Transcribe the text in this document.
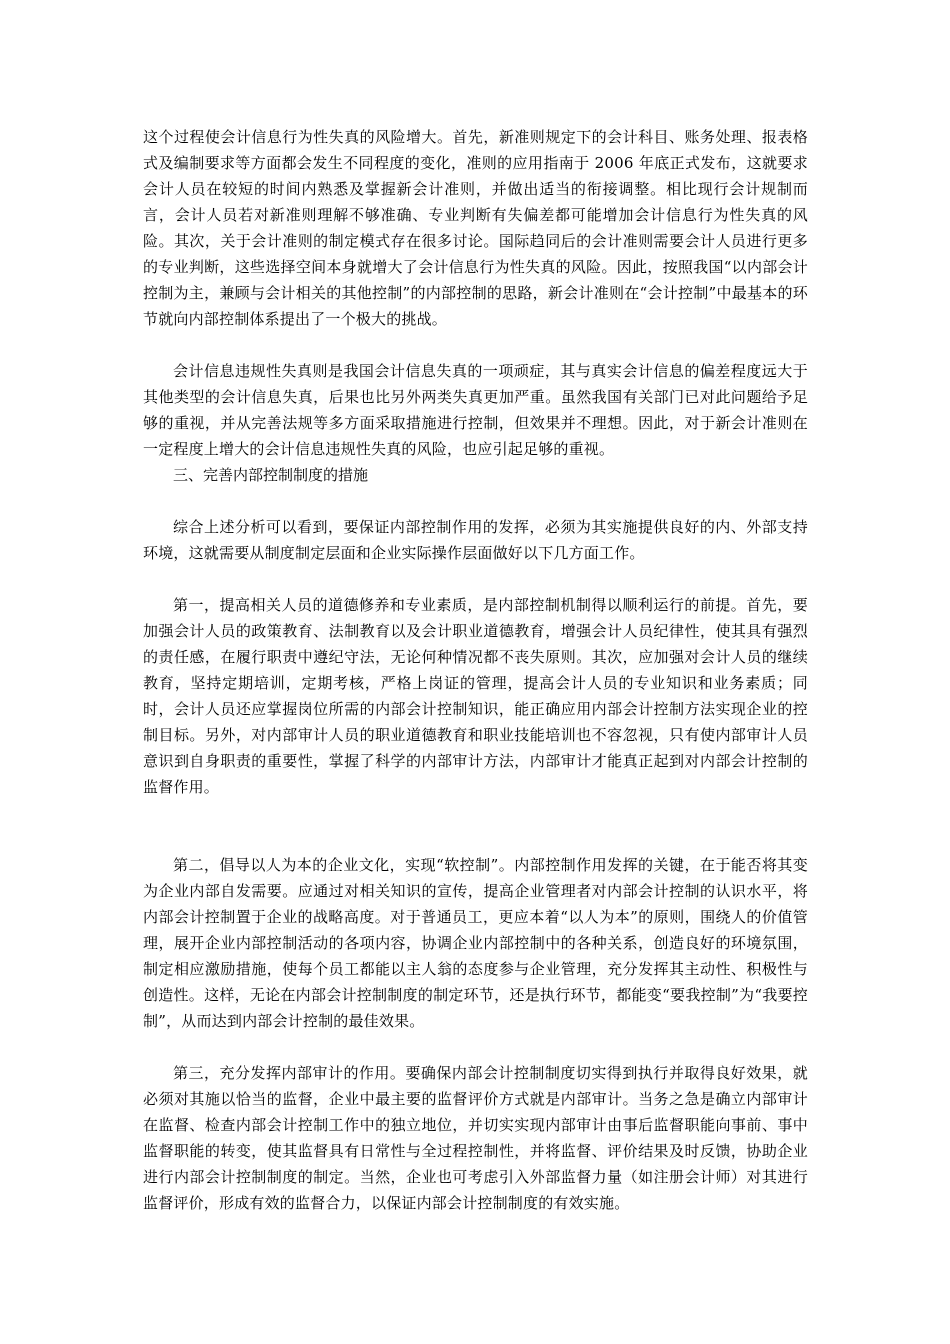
这个过程使会计信息行为性失真的风险增大。首先，新准则规定下的会计科目、账务处理、报表格式及编制要求等方面都会发生不同程度的变化，准则的应用指南于 2006 年底正式发布，这就要求会计人员在较短的时间内熟悉及掌握新会计准则，并做出适当的衔接调整。相比现行会计规制而言，会计人员若对新准则理解不够准确、专业判断有失偏差都可能增加会计信息行为性失真的风险。其次，关于会计准则的制定模式存在很多讨论。国际趋同后的会计准则需要会计人员进行更多的专业判断，这些选择空间本身就增大了会计信息行为性失真的风险。因此，按照我国“以内部会计控制为主，兼顾与会计相关的其他控制”的内部控制的思路，新会计准则在“会计控制”中最基本的环节就向内部控制体系提出了一个极大的挑战。

会计信息违规性失真则是我国会计信息失真的一项顽症，其与真实会计信息的偏差程度远大于其他类型的会计信息失真，后果也比另外两类失真更加严重。虽然我国有关部门已对此问题给予足够的重视，并从完善法规等多方面采取措施进行控制，但效果并不理想。因此，对于新会计准则在一定程度上增大的会计信息违规性失真的风险，也应引起足够的重视。

三、完善内部控制制度的措施

综合上述分析可以看到，要保证内部控制作用的发挥，必须为其实施提供良好的内、外部支持环境，这就需要从制度制定层面和企业实际操作层面做好以下几方面工作。

第一，提高相关人员的道德修养和专业素质，是内部控制机制得以顺利运行的前提。首先，要加强会计人员的政策教育、法制教育以及会计职业道德教育，增强会计人员纪律性，使其具有强烈的责任感，在履行职责中遵纪守法，无论何种情况都不丧失原则。其次，应加强对会计人员的继续教育，坚持定期培训，定期考核，严格上岗证的管理，提高会计人员的专业知识和业务素质；同时，会计人员还应掌握岗位所需的内部会计控制知识，能正确应用内部会计控制方法实现企业的控制目标。另外，对内部审计人员的职业道德教育和职业技能培训也不容忽视，只有使内部审计人员意识到自身职责的重要性，掌握了科学的内部审计方法，内部审计才能真正起到对内部会计控制的监督作用。

第二，倡导以人为本的企业文化，实现“软控制”。内部控制作用发挥的关键，在于能否将其变为企业内部自发需要。应通过对相关知识的宣传，提高企业管理者对内部会计控制的认识水平，将内部会计控制置于企业的战略高度。对于普通员工，更应本着“以人为本”的原则，围绕人的价值管理，展开企业内部控制活动的各项内容，协调企业内部控制中的各种关系，创造良好的环境氛围，制定相应激励措施，使每个员工都能以主人翁的态度参与企业管理，充分发挥其主动性、积极性与创造性。这样，无论在内部会计控制制度的制定环节，还是执行环节，都能变“要我控制”为“我要控制”，从而达到内部会计控制的最佳效果。

第三，充分发挥内部审计的作用。要确保内部会计控制制度切实得到执行并取得良好效果，就必须对其施以恰当的监督，企业中最主要的监督评价方式就是内部审计。当务之急是确立内部审计在监督、检查内部会计控制工作中的独立地位，并切实实现内部审计由事后监督职能向事前、事中监督职能的转变，使其监督具有日常性与全过程控制性，并将监督、评价结果及时反馈，协助企业进行内部会计控制制度的制定。当然，企业也可考虑引入外部监督力量（如注册会计师）对其进行监督评价，形成有效的监督合力，以保证内部会计控制制度的有效实施。
